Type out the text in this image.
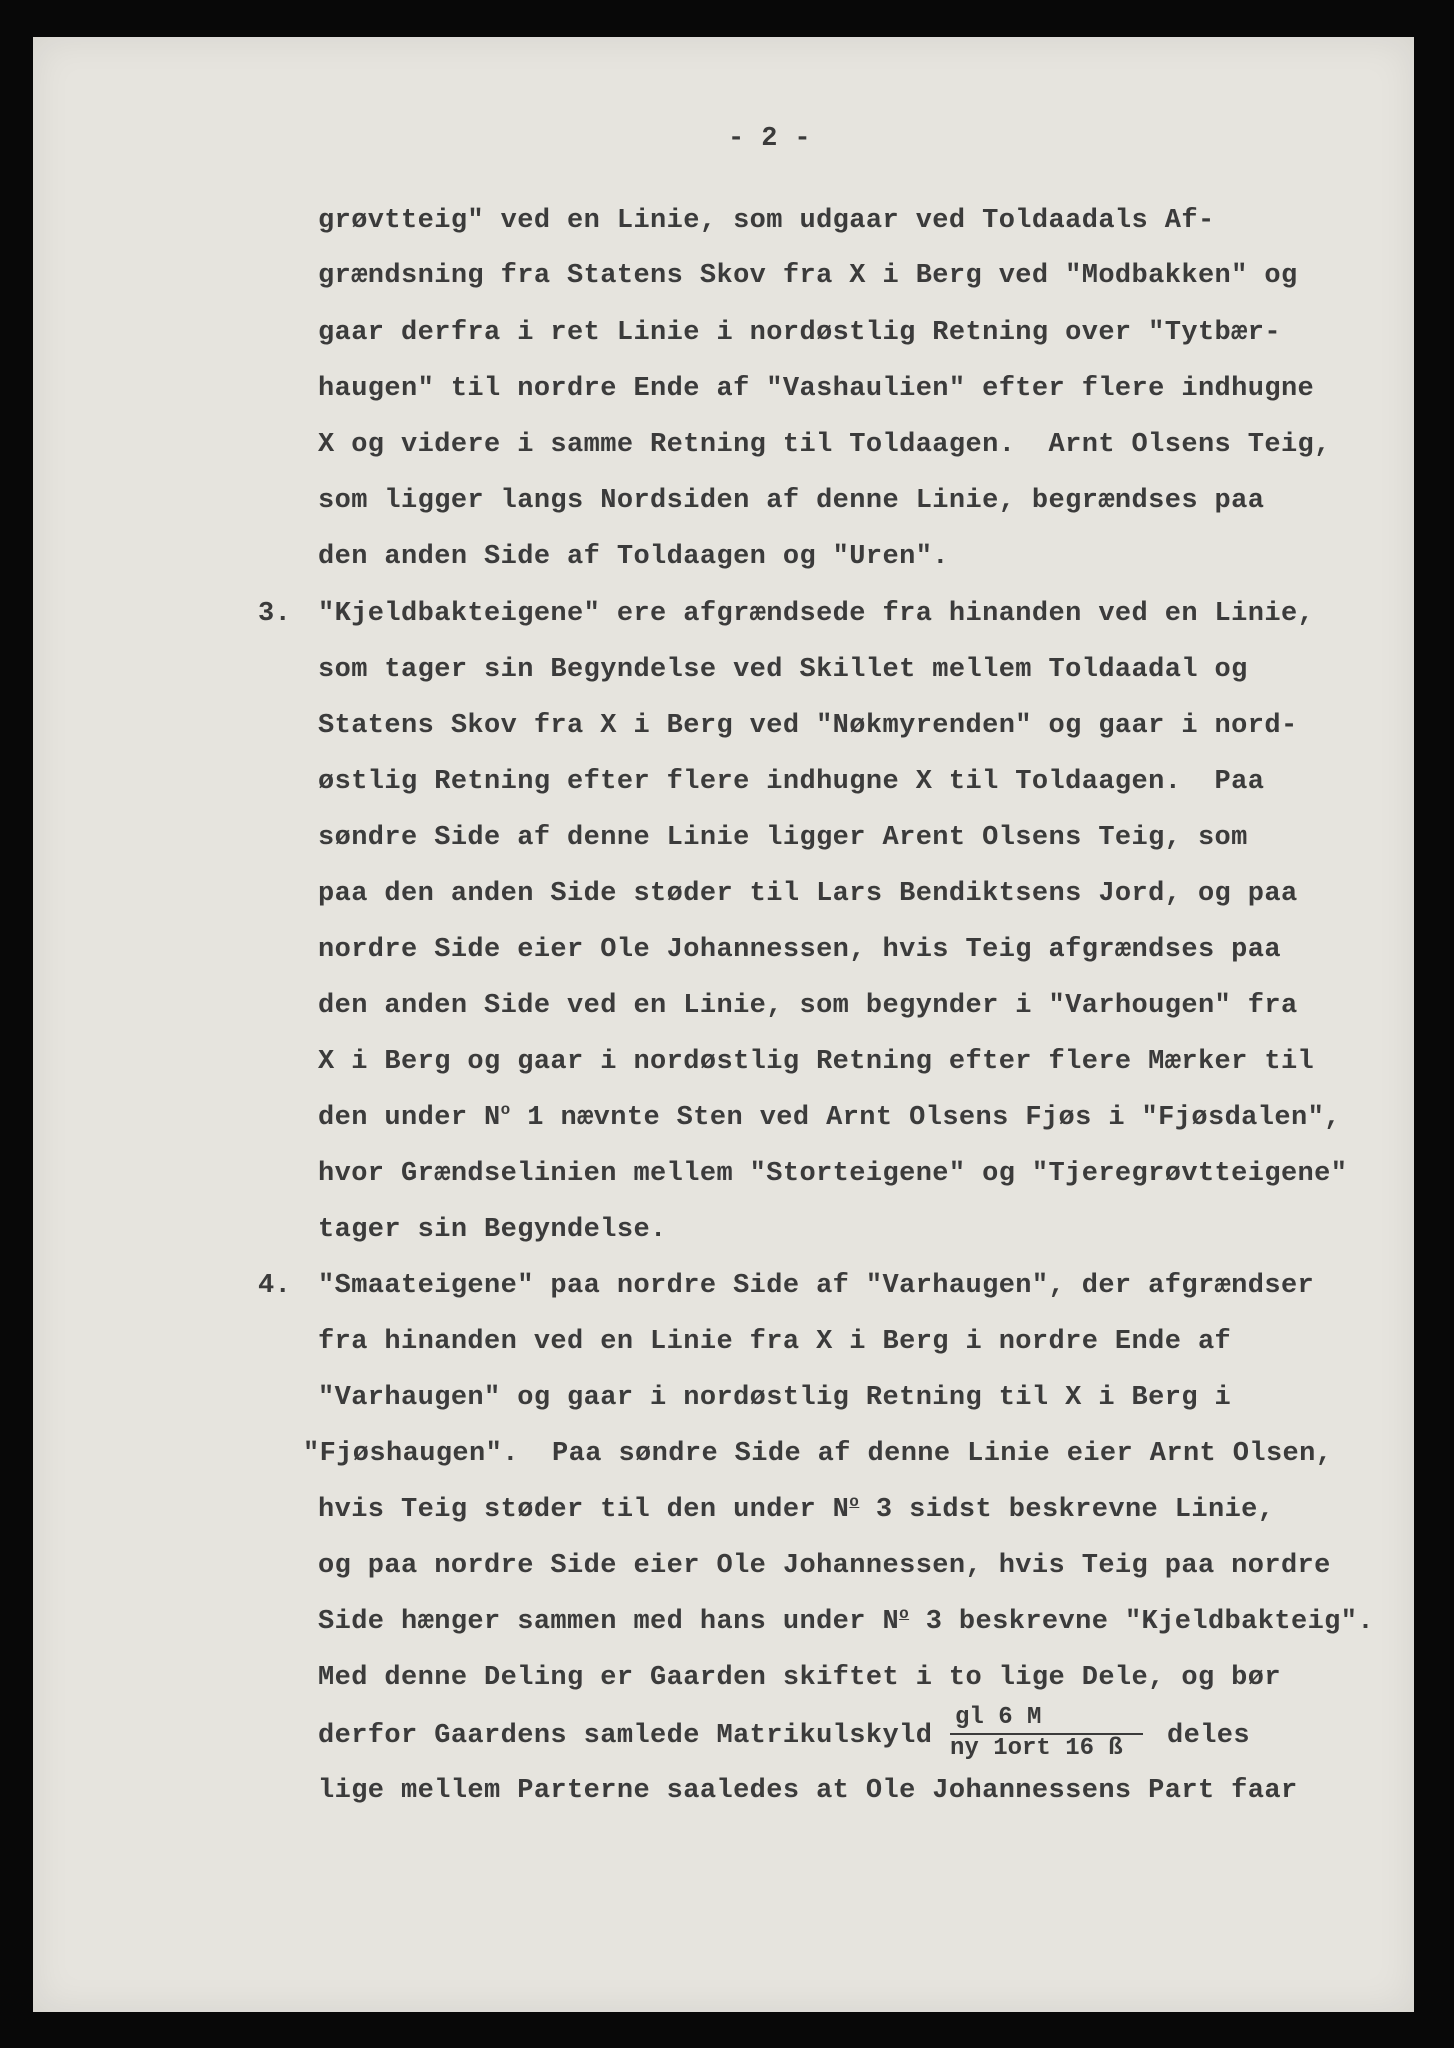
- 2 -
grøvtteig" ved en Linie, som udgaar ved Toldaadals Af-
grændsning fra Statens Skov fra X i Berg ved "Modbakken" og
gaar derfra i ret Linie i nordøstlig Retning over "Tytbær-
haugen" til nordre Ende af "Vashaulien" efter flere indhugne
X og videre i samme Retning til Toldaagen.  Arnt Olsens Teig,
som ligger langs Nordsiden af denne Linie, begrændses paa
den anden Side af Toldaagen og "Uren".
3. "Kjeldbakteigene" ere afgrændsede fra hinanden ved en Linie,
som tager sin Begyndelse ved Skillet mellem Toldaadal og
Statens Skov fra X i Berg ved "Nøkmyrenden" og gaar i nord-
østlig Retning efter flere indhugne X til Toldaagen.  Paa
søndre Side af denne Linie ligger Arent Olsens Teig, som
paa den anden Side støder til Lars Bendiktsens Jord, og paa
nordre Side eier Ole Johannessen, hvis Teig afgrændses paa
den anden Side ved en Linie, som begynder i "Varhougen" fra
X i Berg og gaar i nordøstlig Retning efter flere Mærker til
den under $N^o$ 1 nævnte Sten ved Arnt Olsens Fjøs i "Fjøsdalen",
hvor Grændselinien mellem "Storteigene" og "Tjeregrøvtteigene"
tager sin Begyndelse.
4. "Smaateigene" paa nordre Side af "Varhaugen", der afgrændser
fra hinanden ved en Linie fra X i Berg i nordre Ende af
"Varhaugen" og gaar i nordøstlig Retning til X i Berg i
"Fjøshaugen".  Paa søndre Side af denne Linie eier Arnt Olsen,
hvis Teig støder til den under $N^o$ 3 sidst beskrevne Linie,
og paa nordre Side eier Ole Johannessen, hvis Teig paa nordre
Side hænger sammen med hans under $N^o$ 3 beskrevne "Kjeldbakteig".
Med denne Deling er Gaarden skiftet i to lige Dele, og bør
derfor Gaardens samlede Matrikulskyld
gl 6 M
ny 1ort 16 ß deles
lige mellem Parterne saaledes at Ole Johannessens Part faar
